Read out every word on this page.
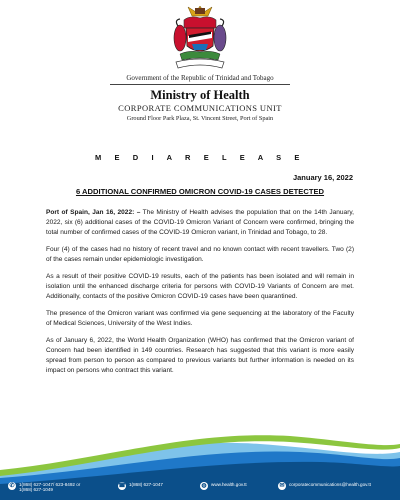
Government of the Republic of Trinidad and Tobago
Ministry of Health
CORPORATE COMMUNICATIONS UNIT
Ground Floor Park Plaza, St. Vincent Street, Port of Spain
M E D I A R E L E A S E
January 16, 2022
6 ADDITIONAL CONFIRMED OMICRON COVID-19 CASES DETECTED

Port of Spain, Jan 16, 2022: – The Ministry of Health advises the population that on the 14th January, 2022, six (6) additional cases of the COVID-19 Omicron Variant of Concern were confirmed, bringing the total number of confirmed cases of the COVID-19 Omicron variant, in Trinidad and Tobago, to 28.

Four (4) of the cases had no history of recent travel and no known contact with recent travellers. Two (2) of the cases remain under epidemiologic investigation.

As a result of their positive COVID-19 results, each of the patients has been isolated and will remain in isolation until the enhanced discharge criteria for persons with COVID-19 Variants of Concern are met. Additionally, contacts of the positive Omicron COVID-19 cases have been quarantined.

The presence of the Omicron variant was confirmed via gene sequencing at the laboratory of the Faculty of Medical Sciences, University of the West Indies.

As of January 6, 2022, the World Health Organization (WHO) has confirmed that the Omicron variant of Concern had been identified in 149 countries. Research has suggested that this variant is more easily spread from person to person as compared to previous variants but further information is needed on its impact on persons who contract this variant.

✆ 1(868) 627-1047/ 623-8492 or
1(868) 627-1049
☎ 1(868) 627-1047	◍ www.health.gov.tt	✉ corporatecommunications@health.gov.tt
